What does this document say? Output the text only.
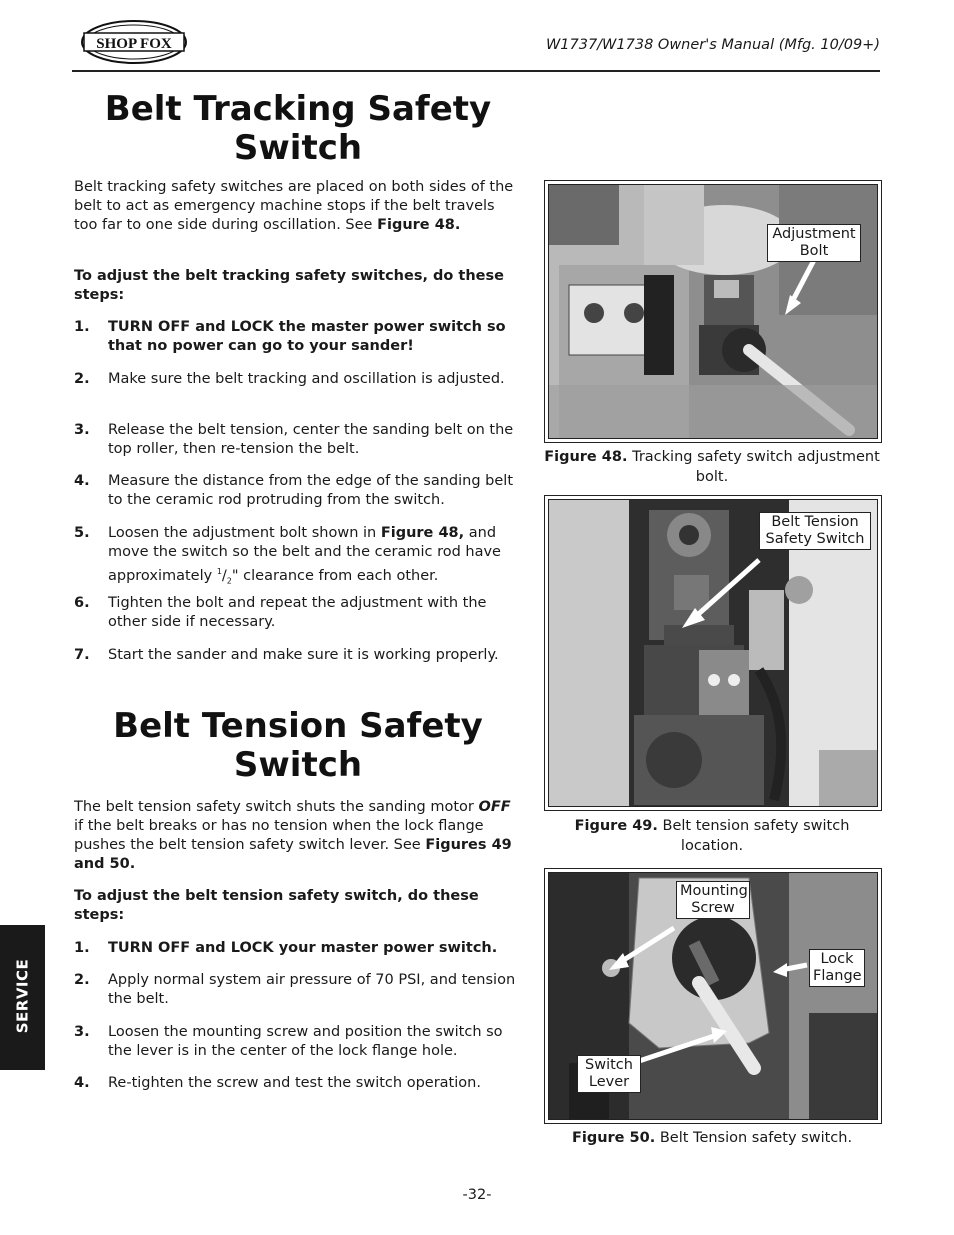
SHOP FOX	W1737/W1738 Owner's Manual (Mfg. 10/09+)
Belt Tracking Safety
Switch
Belt tracking safety switches are placed on both sides of the belt to act as emergency machine stops if the belt travels too far to one side during oscillation. See Figure 48.
To adjust the belt tracking safety switches, do these steps:
1. TURN OFF and LOCK the master power switch so that no power can go to your sander!
2. Make sure the belt tracking and oscillation is adjusted.
3. Release the belt tension, center the sanding belt on the top roller, then re-tension the belt.
4. Measure the distance from the edge of the sanding belt to the ceramic rod protruding from the switch.
5. Loosen the adjustment bolt shown in Figure 48, and move the switch so the belt and the ceramic rod have approximately $^1/_2$" clearance from each other.
6. Tighten the bolt and repeat the adjustment with the other side if necessary.
7. Start the sander and make sure it is working properly.
Belt Tension Safety
Switch
The belt tension safety switch shuts the sanding motor OFF if the belt breaks or has no tension when the lock flange pushes the belt tension safety switch lever. See Figures 49 and 50.
To adjust the belt tension safety switch, do these steps:
1. TURN OFF and LOCK your master power switch.
2. Apply normal system air pressure of 70 PSI, and tension the belt.
3. Loosen the mounting screw and position the switch so the lever is in the center of the lock flange hole.
4. Re-tighten the screw and test the switch operation.
Adjustment
Bolt
Figure 48. Tracking safety switch adjustment bolt.
Belt Tension
Safety Switch
Figure 49. Belt tension safety switch location.
Mounting
Screw
Lock
Flange
Switch
Lever
Figure 50. Belt Tension safety switch.
SERVICE
-32-
